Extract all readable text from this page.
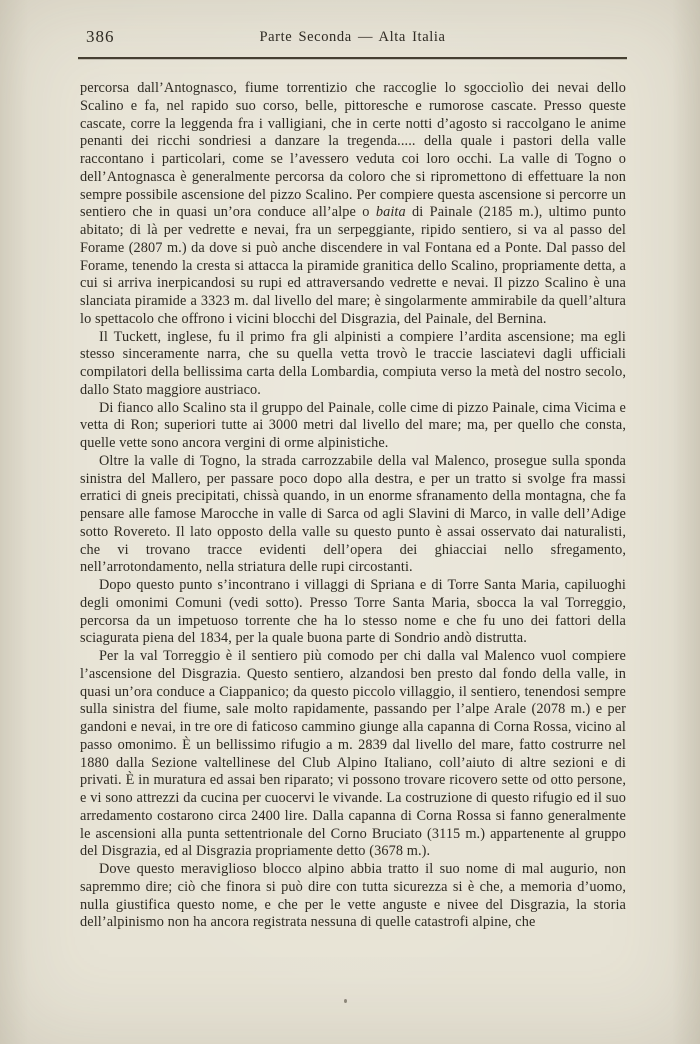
386	Parte Seconda — Alta Italia

percorsa dall’Antognasco, fiume torrentizio che raccoglie lo sgocciolìo dei nevai dello Scalino e fa, nel rapido suo corso, belle, pittoresche e rumorose cascate. Presso queste cascate, corre la leggenda fra i valligiani, che in certe notti d’agosto si raccolgano le anime penanti dei ricchi sondriesi a danzare la tregenda..... della quale i pastori della valle raccontano i particolari, come se l’avessero veduta coi loro occhi. La valle di Togno o dell’Antognasca è generalmente percorsa da coloro che si ripromettono di effettuare la non sempre possibile ascensione del pizzo Scalino. Per compiere questa ascensione si percorre un sentiero che in quasi un’ora conduce all’alpe o baita di Painale (2185 m.), ultimo punto abitato; di là per vedrette e nevai, fra un serpeggiante, ripido sentiero, si va al passo del Forame (2807 m.) da dove si può anche discendere in val Fontana ed a Ponte. Dal passo del Forame, tenendo la cresta si attacca la piramide granitica dello Scalino, propriamente detta, a cui si arriva inerpicandosi su rupi ed attraversando vedrette e nevai. Il pizzo Scalino è una slanciata piramide a 3323 m. dal livello del mare; è singolarmente ammirabile da quell’altura lo spettacolo che offrono i vicini blocchi del Disgrazia, del Painale, del Bernina.

Il Tuckett, inglese, fu il primo fra gli alpinisti a compiere l’ardita ascensione; ma egli stesso sinceramente narra, che su quella vetta trovò le traccie lasciatevi dagli ufficiali compilatori della bellissima carta della Lombardia, compiuta verso la metà del nostro secolo, dallo Stato maggiore austriaco.

Di fianco allo Scalino sta il gruppo del Painale, colle cime di pizzo Painale, cima Vicima e vetta di Ron; superiori tutte ai 3000 metri dal livello del mare; ma, per quello che consta, quelle vette sono ancora vergini di orme alpinistiche.

Oltre la valle di Togno, la strada carrozzabile della val Malenco, prosegue sulla sponda sinistra del Mallero, per passare poco dopo alla destra, e per un tratto si svolge fra massi erratici di gneis precipitati, chissà quando, in un enorme sfranamento della montagna, che fa pensare alle famose Marocche in valle di Sarca od agli Slavini di Marco, in valle dell’Adige sotto Rovereto. Il lato opposto della valle su questo punto è assai osservato dai naturalisti, che vi trovano tracce evidenti dell’opera dei ghiacciai nello sfregamento, nell’arrotondamento, nella striatura delle rupi circostanti.

Dopo questo punto s’incontrano i villaggi di Spriana e di Torre Santa Maria, capiluoghi degli omonimi Comuni (vedi sotto). Presso Torre Santa Maria, sbocca la val Torreggio, percorsa da un impetuoso torrente che ha lo stesso nome e che fu uno dei fattori della sciagurata piena del 1834, per la quale buona parte di Sondrio andò distrutta.

Per la val Torreggio è il sentiero più comodo per chi dalla val Malenco vuol compiere l’ascensione del Disgrazia. Questo sentiero, alzandosi ben presto dal fondo della valle, in quasi un’ora conduce a Ciappanico; da questo piccolo villaggio, il sentiero, tenendosi sempre sulla sinistra del fiume, sale molto rapidamente, passando per l’alpe Arale (2078 m.) e per gandoni e nevai, in tre ore di faticoso cammino giunge alla capanna di Corna Rossa, vicino al passo omonimo. È un bellissimo rifugio a m. 2839 dal livello del mare, fatto costrurre nel 1880 dalla Sezione valtellinese del Club Alpino Italiano, coll’aiuto di altre sezioni e di privati. È in muratura ed assai ben riparato; vi possono trovare ricovero sette od otto persone, e vi sono attrezzi da cucina per cuocervi le vivande. La costruzione di questo rifugio ed il suo arredamento costarono circa 2400 lire. Dalla capanna di Corna Rossa si fanno generalmente le ascensioni alla punta settentrionale del Corno Bruciato (3115 m.) appartenente al gruppo del Disgrazia, ed al Disgrazia propriamente detto (3678 m.).

Dove questo meraviglioso blocco alpino abbia tratto il suo nome di mal augurio, non sapremmo dire; ciò che finora si può dire con tutta sicurezza si è che, a memoria d’uomo, nulla giustifica questo nome, e che per le vette anguste e nivee del Disgrazia, la storia dell’alpinismo non ha ancora registrata nessuna di quelle catastrofi alpine, che
